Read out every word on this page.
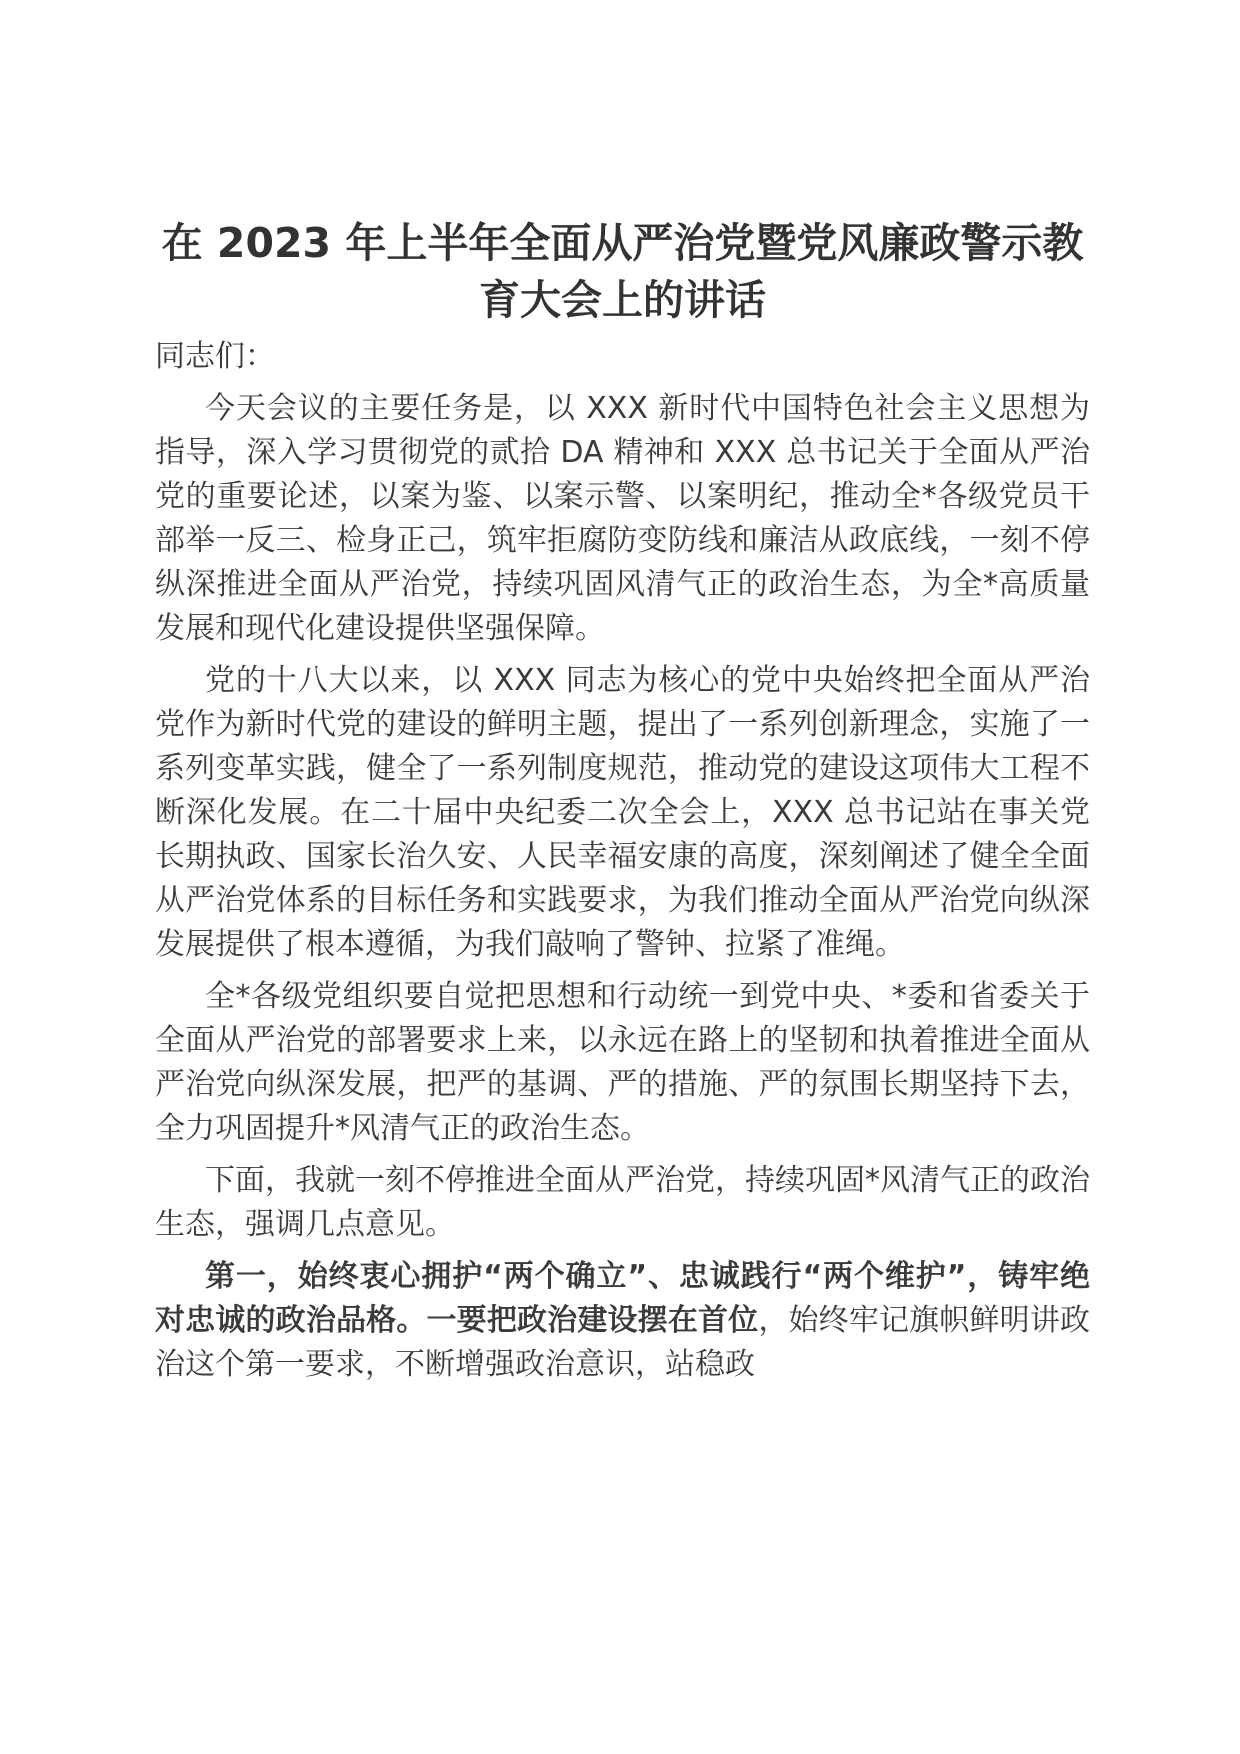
在 2023 年上半年全面从严治党暨党风廉政警示教育大会上的讲话
同志们：

今天会议的主要任务是，以 XXX 新时代中国特色社会主义思想为指导，深入学习贯彻党的贰拾 DA 精神和 XXX 总书记关于全面从严治党的重要论述，以案为鉴、以案示警、以案明纪，推动全*各级党员干部举一反三、检身正己，筑牢拒腐防变防线和廉洁从政底线，一刻不停纵深推进全面从严治党，持续巩固风清气正的政治生态，为全*高质量发展和现代化建设提供坚强保障。

党的十八大以来，以 XXX 同志为核心的党中央始终把全面从严治党作为新时代党的建设的鲜明主题，提出了一系列创新理念，实施了一系列变革实践，健全了一系列制度规范，推动党的建设这项伟大工程不断深化发展。在二十届中央纪委二次全会上，XXX 总书记站在事关党长期执政、国家长治久安、人民幸福安康的高度，深刻阐述了健全全面从严治党体系的目标任务和实践要求，为我们推动全面从严治党向纵深发展提供了根本遵循，为我们敲响了警钟、拉紧了准绳。

全*各级党组织要自觉把思想和行动统一到党中央、*委和省委关于全面从严治党的部署要求上来，以永远在路上的坚韧和执着推进全面从严治党向纵深发展，把严的基调、严的措施、严的氛围长期坚持下去，全力巩固提升*风清气正的政治生态。

下面，我就一刻不停推进全面从严治党，持续巩固*风清气正的政治生态，强调几点意见。

第一，始终衷心拥护“两个确立”、忠诚践行“两个维护”，铸牢绝对忠诚的政治品格。一要把政治建设摆在首位，始终牢记旗帜鲜明讲政治这个第一要求，不断增强政治意识，站稳政
